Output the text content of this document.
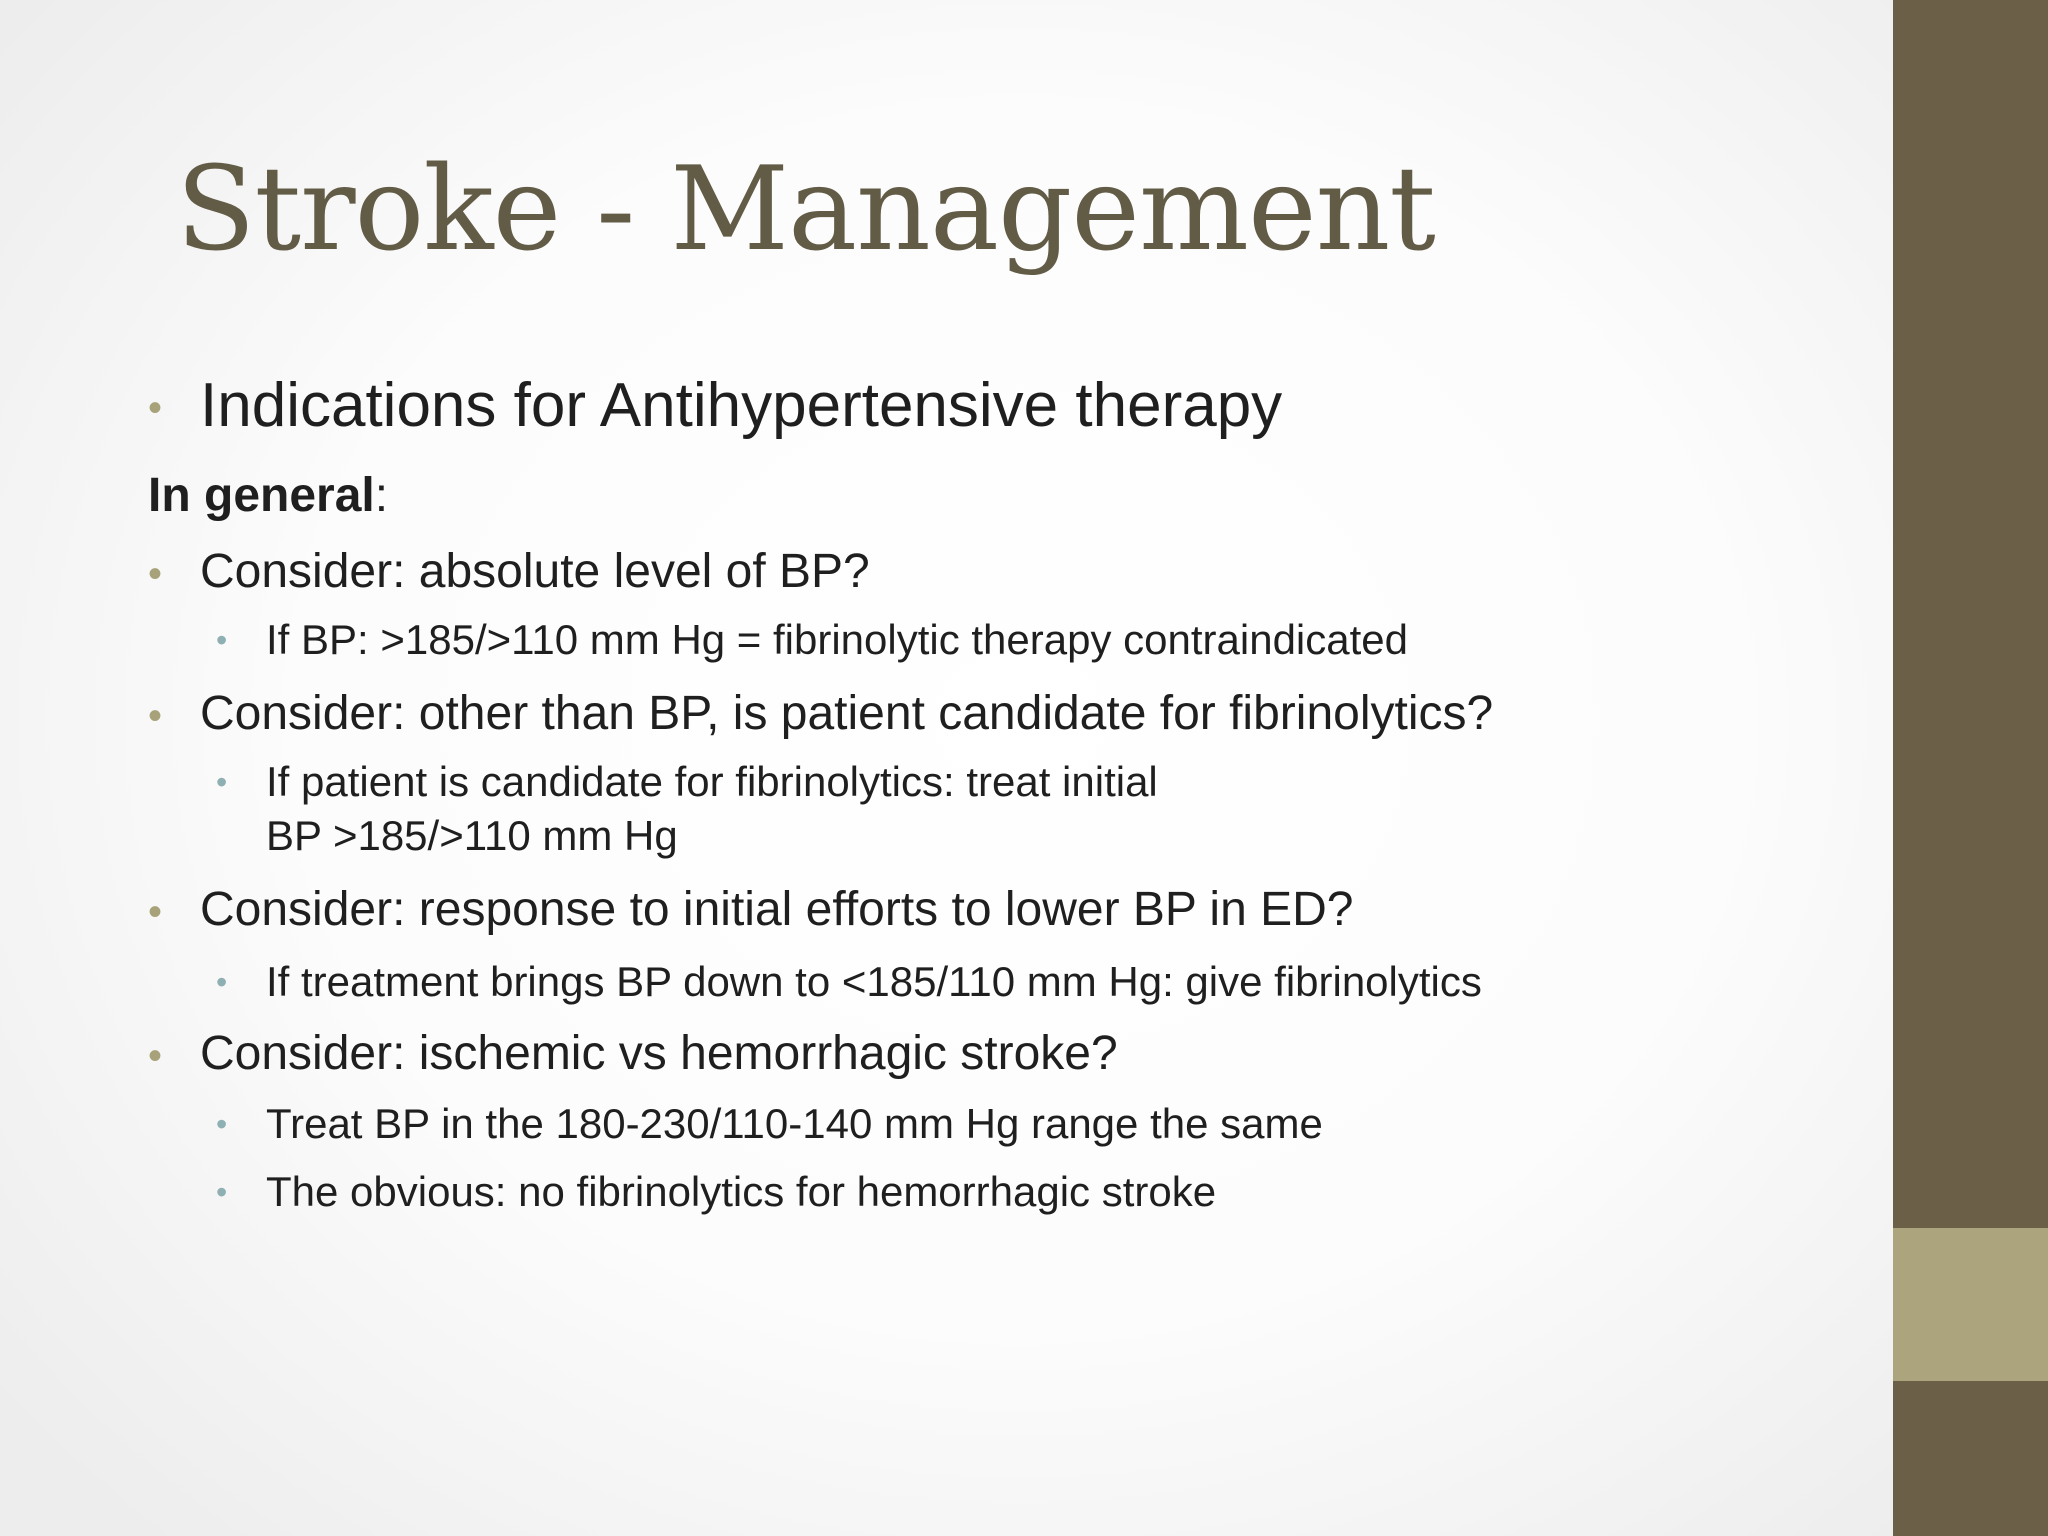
Stroke - Management
• Indications for Antihypertensive therapy
In general:
• Consider: absolute level of BP?
• If BP: >185/>110 mm Hg = fibrinolytic therapy contraindicated
• Consider: other than BP, is patient candidate for fibrinolytics?
• If patient is candidate for fibrinolytics: treat initial
BP >185/>110 mm Hg
• Consider: response to initial efforts to lower BP in ED?
• If treatment brings BP down to <185/110 mm Hg: give fibrinolytics
• Consider: ischemic vs hemorrhagic stroke?
• Treat BP in the 180-230/110-140 mm Hg range the same
• The obvious: no fibrinolytics for hemorrhagic stroke
